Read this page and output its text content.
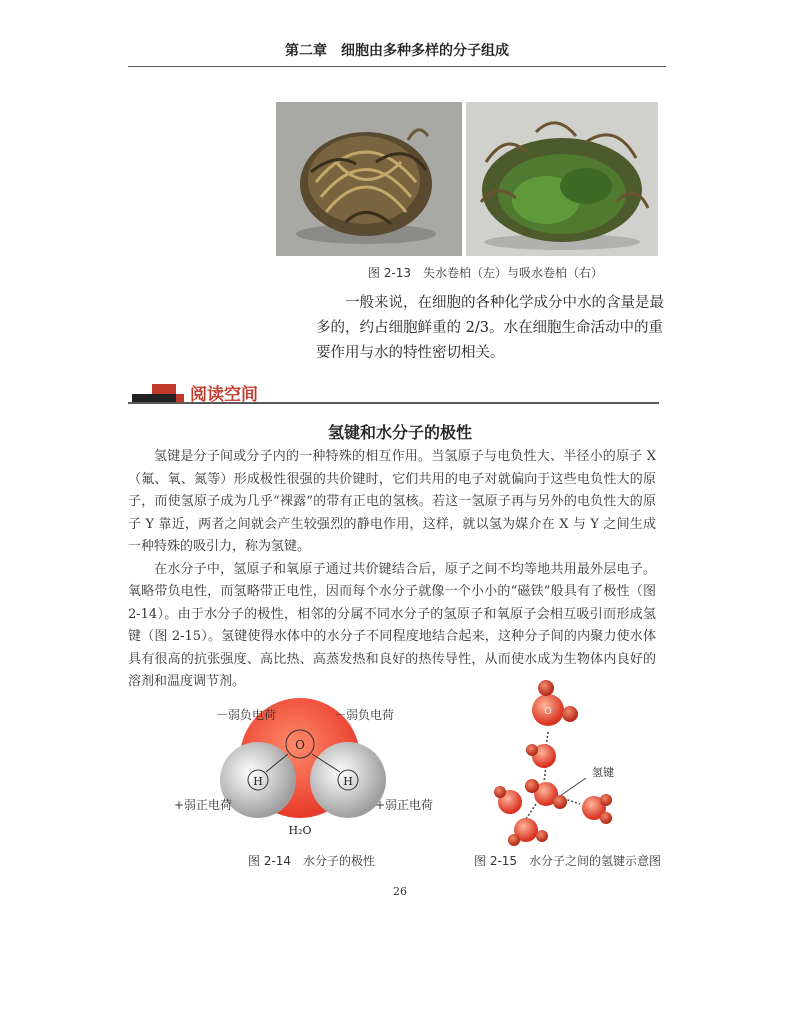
第二章　细胞由多种多样的分子组成
图 2-13　失水卷柏（左）与吸水卷柏（右）

一般来说，在细胞的各种化学成分中水的含量是最多的，约占细胞鲜重的 2/3。水在细胞生命活动中的重要作用与水的特性密切相关。

阅读空间
氢键和水分子的极性

氢键是分子间或分子内的一种特殊的相互作用。当氢原子与电负性大、半径小的原子 X（氟、氧、氮等）形成极性很强的共价键时，它们共用的电子对就偏向于这些电负性大的原子，而使氢原子成为几乎“裸露”的带有正电的氢核。若这一氢原子再与另外的电负性大的原子 Y 靠近，两者之间就会产生较强烈的静电作用，这样，就以氢为媒介在 X 与 Y 之间生成一种特殊的吸引力，称为氢键。

在水分子中，氢原子和氧原子通过共价键结合后，原子之间不均等地共用最外层电子。氧略带负电性，而氢略带正电性，因而每个水分子就像一个小小的“磁铁”般具有了极性（图 2-14）。由于水分子的极性，相邻的分属不同水分子的氢原子和氧原子会相互吸引而形成氢键（图 2-15）。氢键使得水体中的水分子不同程度地结合起来，这种分子间的内聚力使水体具有很高的抗张强度、高比热、高蒸发热和良好的热传导性，从而使水成为生物体内良好的溶剂和温度调节剂。

O
H	H
H₂O
－弱负电荷	－弱负电荷
+弱正电荷	+弱正电荷
图 2-14　水分子的极性
O
氢键
图 2-15　水分子之间的氢键示意图
26
